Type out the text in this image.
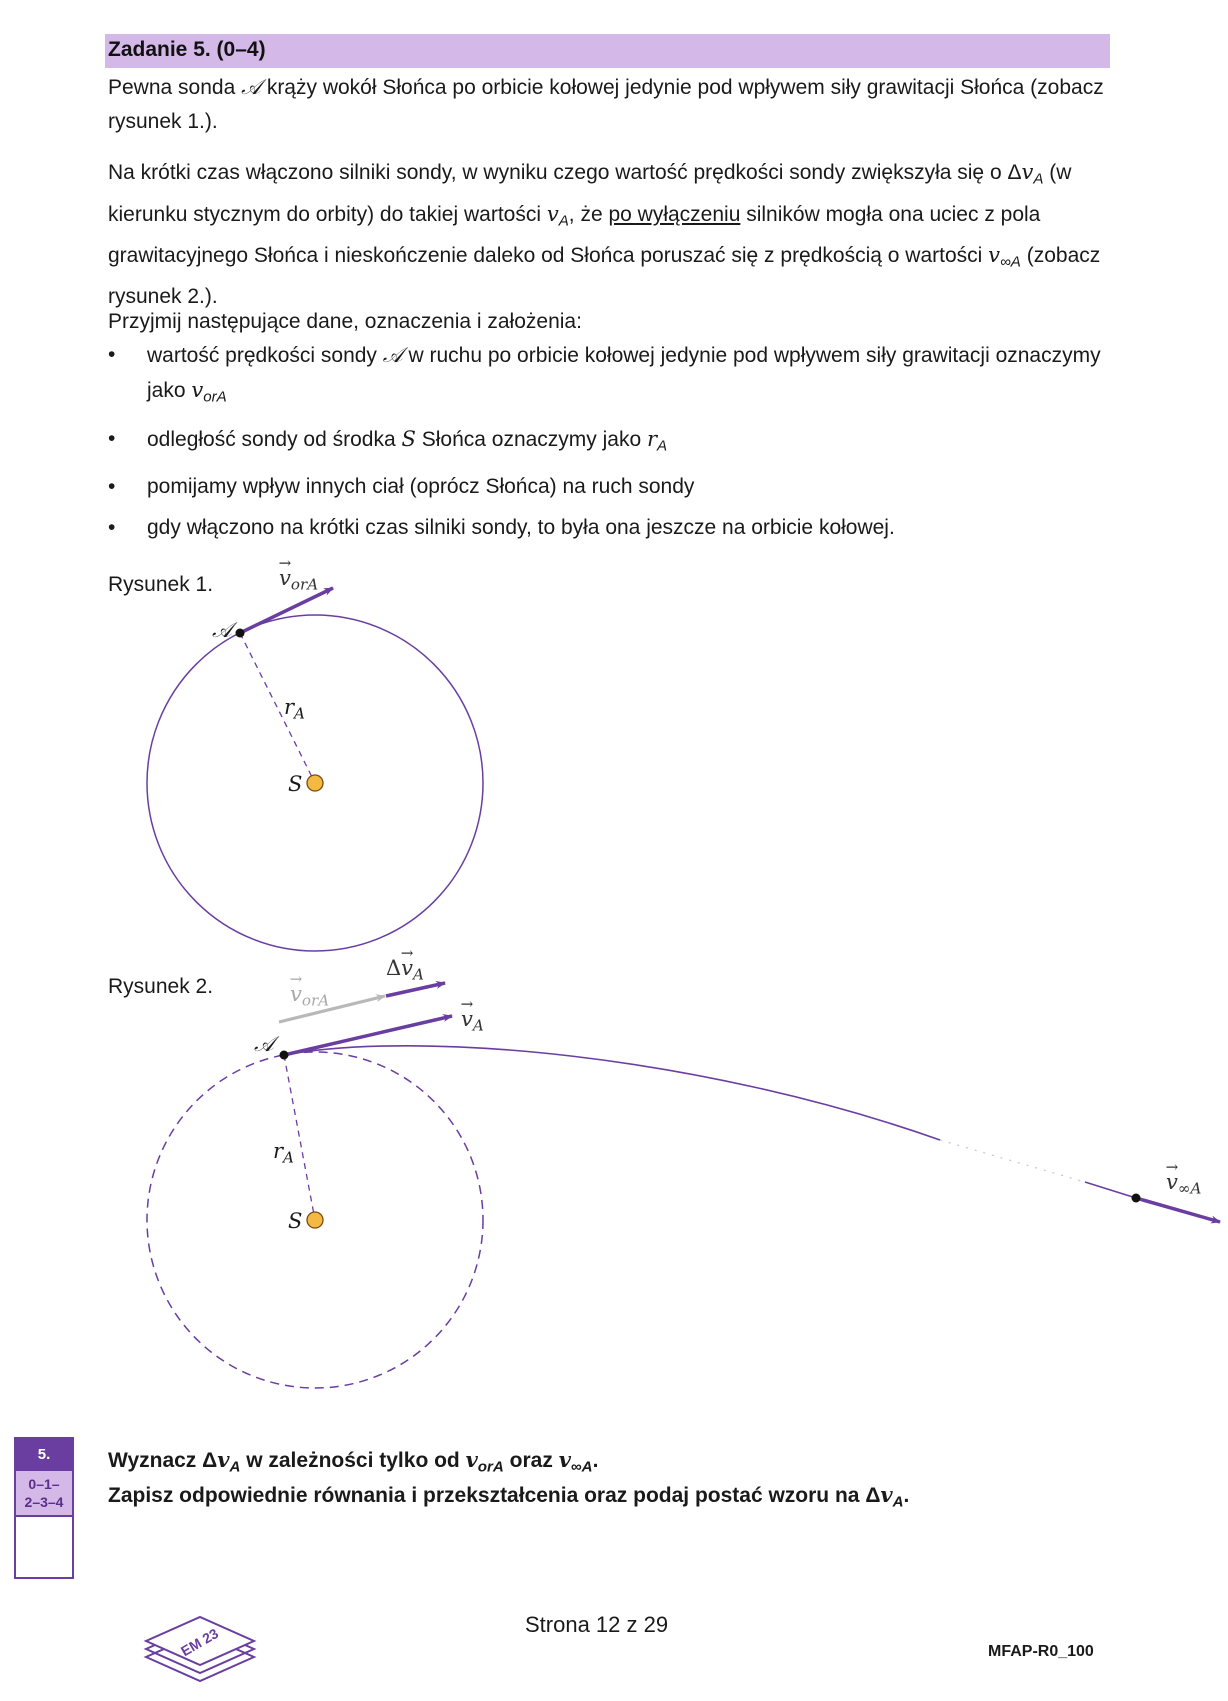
Zadanie 5. (0–4)

Pewna sonda 𝒜 krąży wokół Słońca po orbicie kołowej jedynie pod wpływem siły grawitacji Słońca (zobacz rysunek 1.).

Na krótki czas włączono silniki sondy, w wyniku czego wartość prędkości sondy zwiększyła się o $\Delta v_A$ (w kierunku stycznym do orbity) do takiej wartości $v_A$, że po wyłączeniu silników mogła ona uciec z pola grawitacyjnego Słońca i nieskończenie daleko od Słońca poruszać się z prędkością o wartości $v_{\infty A}$ (zobacz rysunek 2.).

Przyjmij następujące dane, oznaczenia i założenia:

• wartość prędkości sondy 𝒜 w ruchu po orbicie kołowej jedynie pod wpływem siły grawitacji oznaczymy jako $v_{orA}$
• odległość sondy od środka S Słońca oznaczymy jako $r_A$
• pomijamy wpływ innych ciał (oprócz Słońca) na ruch sondy
• gdy włączono na krótki czas silniki sondy, to była ona jeszcze na orbicie kołowej.
Rysunek 1.	→ $v_{orA}$
𝒜
$r_A$
S
Rysunek 2.	→ $v_{orA}$
$\Delta\to v_A$
→ $v_A$
𝒜
$r_A$
S
→ $v_{\infty A}$
5.
0–1–
2–3–4
Wyznacz $\Delta v_A$ w zależności tylko od $v_{orA}$ oraz $v_{\infty A}$.
Zapisz odpowiednie równania i przekształcenia oraz podaj postać wzoru na $\Delta v_A$.
EM 23
Strona 12 z 29
MFAP-R0_100
